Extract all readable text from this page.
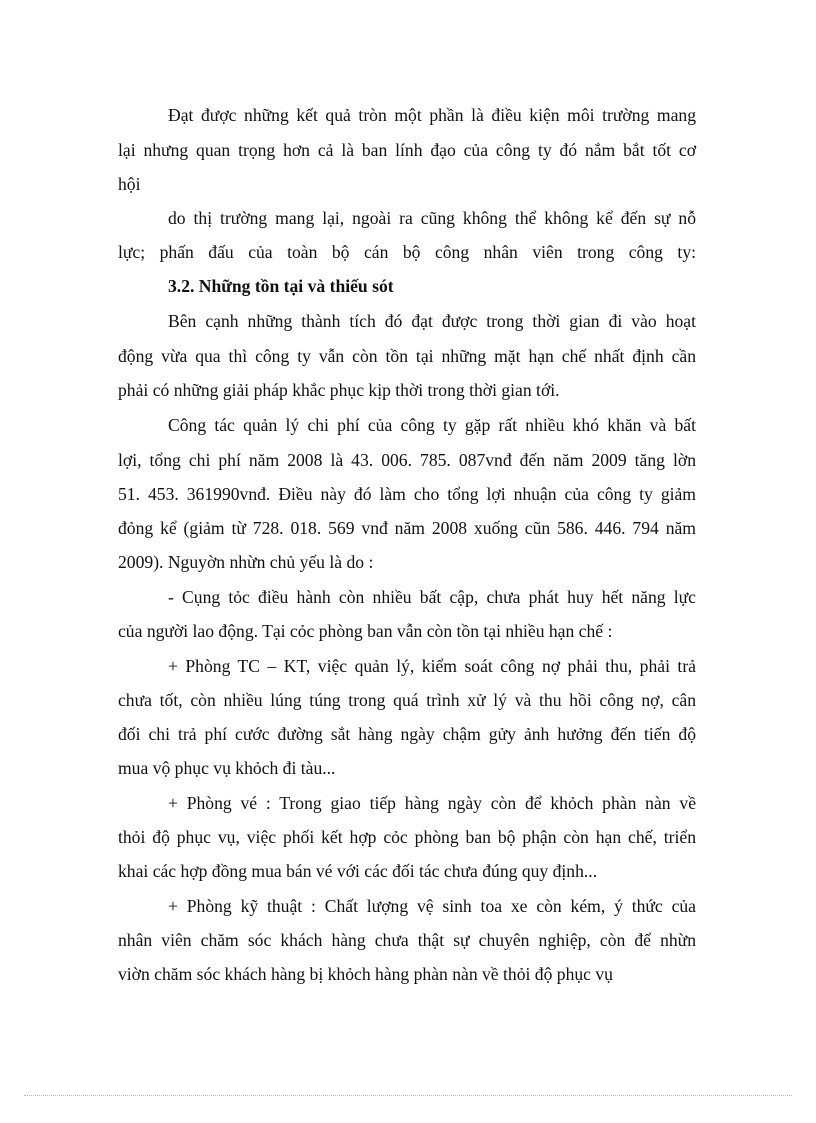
Đạt được những kết quả tròn một phần là điều kiện môi trường mang
lại nhưng quan trọng hơn cả là ban lính đạo của công ty đó nắm bắt tốt cơ
hội
do thị trường mang lại, ngoài ra cũng không thể không kể đến sự nỗ
lực; phấn đấu của toàn bộ cán bộ công nhân viên trong công ty:
3.2. Những tồn tại và thiếu sót
Bên cạnh những thành tích đó đạt được trong thời gian đi vào hoạt
động vừa qua thì công ty vẫn còn tồn tại những mặt hạn chế nhất định cần
phải có những giải pháp khắc phục kịp thời trong thời gian tới.
Công tác quản lý chi phí của công ty gặp rất nhiều khó khăn và bất
lợi, tổng chi phí năm 2008 là 43. 006. 785. 087vnđ đến năm 2009 tăng lờn
51. 453. 361990vnđ. Điều này đó làm cho tổng lợi nhuận của công ty giảm
đỏng kể (giảm từ 728. 018. 569 vnđ năm 2008 xuống cũn 586. 446. 794 năm
2009). Nguyờn nhừn chủ yếu là do :
- Cụng tỏc điều hành còn nhiều bất cập, chưa phát huy hết năng lực
của người lao động. Tại cỏc phòng ban vẫn còn tồn tại nhiều hạn chế :
+ Phòng TC – KT, việc quản lý, kiểm soát công nợ phải thu, phải trả
chưa tốt, còn nhiều lúng túng trong quá trình xử lý và thu hồi công nợ, cân
đối chi trả phí cước đường sắt hàng ngày chậm gửy ảnh hưởng đến tiến độ
mua vộ phục vụ khỏch đi tàu...
+ Phòng vé : Trong giao tiếp hàng ngày còn để khỏch phàn nàn về
thỏi độ phục vụ, việc phối kết hợp cỏc phòng ban bộ phận còn hạn chế, triển
khai các hợp đồng mua bán vé với các đối tác chưa đúng quy định...
+ Phòng kỹ thuật : Chất lượng vệ sinh toa xe còn kém, ý thức của
nhân viên chăm sóc khách hàng chưa thật sự chuyên nghiệp, còn để nhừn
viờn chăm sóc khách hàng bị khỏch hàng phàn nàn về thỏi độ phục vụ
